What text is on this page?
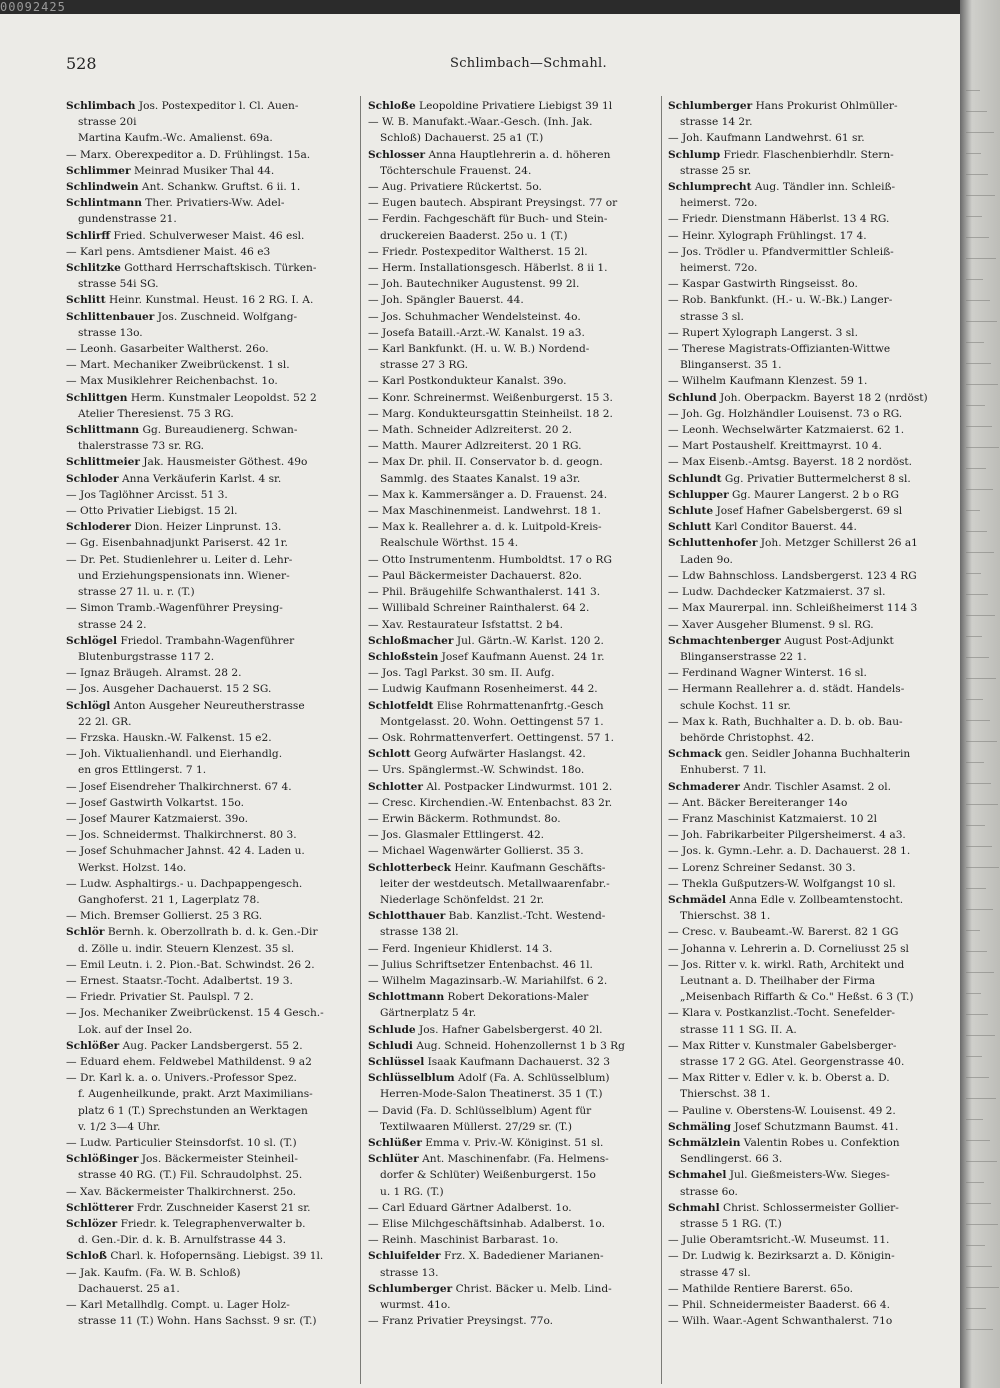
00092425
528	Schlimbach—Schmahl.
Schlimbach Jos. Postexpeditor l. Cl. Auen-
strasse 20i
Martina Kaufm.-Wc. Amalienst. 69a.
— Marx. Oberexpeditor a. D. Frühlingst. 15a.
Schlimmer Meinrad Musiker Thal 44.
Schlindwein Ant. Schankw. Gruftst. 6 ii. 1.
Schlintmann Ther. Privatiers-Ww. Adel-
gundenstrasse 21.
Schlirff Fried. Schulverweser Maist. 46 esl.
— Karl pens. Amtsdiener Maist. 46 e3
Schlitzke Gotthard Herrschaftskisch. Türken-
strasse 54i SG.
Schlitt Heinr. Kunstmal. Heust. 16 2 RG. I. A.
Schlittenbauer Jos. Zuschneid. Wolfgang-
strasse 13o.
— Leonh. Gasarbeiter Waltherst. 26o.
— Mart. Mechaniker Zweibrückenst. 1 sl.
— Max Musiklehrer Reichenbachst. 1o.
Schlittgen Herm. Kunstmaler Leopoldst. 52 2
Atelier Theresienst. 75 3 RG.
Schlittmann Gg. Bureaudienerg. Schwan-
thalerstrasse 73 sr. RG.
Schlittmeier Jak. Hausmeister Göthest. 49o
Schloder Anna Verkäuferin Karlst. 4 sr.
— Jos Taglöhner Arcisst. 51 3.
— Otto Privatier Liebigst. 15 2l.
Schloderer Dion. Heizer Linprunst. 13.
— Gg. Eisenbahnadjunkt Pariserst. 42 1r.
— Dr. Pet. Studienlehrer u. Leiter d. Lehr-
und Erziehungspensionats inn. Wiener-
strasse 27 1l. u. r. (T.)
— Simon Tramb.-Wagenführer Preysing-
strasse 24 2.
Schlögel Friedol. Trambahn-Wagenführer
Blutenburgstrasse 117 2.
— Ignaz Bräugeh. Alramst. 28 2.
— Jos. Ausgeher Dachauerst. 15 2 SG.
Schlögl Anton Ausgeher Neureutherstrasse
22 2l. GR.
— Frzska. Hauskn.-W. Falkenst. 15 e2.
— Joh. Viktualienhandl. und Eierhandlg.
en gros Ettlingerst. 7 1.
— Josef Eisendreher Thalkirchnerst. 67 4.
— Josef Gastwirth Volkartst. 15o.
— Josef Maurer Katzmaierst. 39o.
— Jos. Schneidermst. Thalkirchnerst. 80 3.
— Josef Schuhmacher Jahnst. 42 4. Laden u.
Werkst. Holzst. 14o.
— Ludw. Asphaltirgs.- u. Dachpappengesch.
Ganghoferst. 21 1, Lagerplatz 78.
— Mich. Bremser Gollierst. 25 3 RG.
Schlör Bernh. k. Oberzollrath b. d. k. Gen.-Dir
d. Zölle u. indir. Steuern Klenzest. 35 sl.
— Emil Leutn. i. 2. Pion.-Bat. Schwindst. 26 2.
— Ernest. Staatsr.-Tocht. Adalbertst. 19 3.
— Friedr. Privatier St. Paulspl. 7 2.
— Jos. Mechaniker Zweibrückenst. 15 4 Gesch.-
Lok. auf der Insel 2o.
Schlößer Aug. Packer Landsbergerst. 55 2.
— Eduard ehem. Feldwebel Mathildenst. 9 a2
— Dr. Karl k. a. o. Univers.-Professor Spez.
f. Augenheilkunde, prakt. Arzt Maximilians-
platz 6 1 (T.) Sprechstunden an Werktagen
v. 1/2 3—4 Uhr.
— Ludw. Particulier Steinsdorfst. 10 sl. (T.)
Schlößinger Jos. Bäckermeister Steinheil-
strasse 40 RG. (T.) Fil. Schraudolphst. 25.
— Xav. Bäckermeister Thalkirchnerst. 25o.
Schlötterer Frdr. Zuschneider Kaserst 21 sr.
Schlözer Friedr. k. Telegraphenverwalter b.
d. Gen.-Dir. d. k. B. Arnulfstrasse 44 3.
Schloß Charl. k. Hofopernsäng. Liebigst. 39 1l.
— Jak. Kaufm. (Fa. W. B. Schloß)
Dachauerst. 25 a1.
— Karl Metallhdlg. Compt. u. Lager Holz-
strasse 11 (T.) Wohn. Hans Sachsst. 9 sr. (T.)
Schloße Leopoldine Privatiere Liebigst 39 1l
— W. B. Manufakt.-Waar.-Gesch. (Inh. Jak.
Schloß) Dachauerst. 25 a1 (T.)
Schlosser Anna Hauptlehrerin a. d. höheren
Töchterschule Frauenst. 24.
— Aug. Privatiere Rückertst. 5o.
— Eugen bautech. Abspirant Preysingst. 77 or
— Ferdin. Fachgeschäft für Buch- und Stein-
druckereien Baaderst. 25o u. 1 (T.)
— Friedr. Postexpeditor Waltherst. 15 2l.
— Herm. Installationsgesch. Häberlst. 8 ii 1.
— Joh. Bautechniker Augustenst. 99 2l.
— Joh. Spängler Bauerst. 44.
— Jos. Schuhmacher Wendelsteinst. 4o.
— Josefa Bataill.-Arzt.-W. Kanalst. 19 a3.
— Karl Bankfunkt. (H. u. W. B.) Nordend-
strasse 27 3 RG.
— Karl Postkondukteur Kanalst. 39o.
— Konr. Schreinermst. Weißenburgerst. 15 3.
— Marg. Kondukteursgattin Steinheilst. 18 2.
— Math. Schneider Adlzreiterst. 20 2.
— Matth. Maurer Adlzreiterst. 20 1 RG.
— Max Dr. phil. II. Conservator b. d. geogn.
Sammlg. des Staates Kanalst. 19 a3r.
— Max k. Kammersänger a. D. Frauenst. 24.
— Max Maschinenmeist. Landwehrst. 18 1.
— Max k. Reallehrer a. d. k. Luitpold-Kreis-
Realschule Wörthst. 15 4.
— Otto Instrumentenm. Humboldtst. 17 o RG
— Paul Bäckermeister Dachauerst. 82o.
— Phil. Bräugehilfe Schwanthalerst. 141 3.
— Willibald Schreiner Rainthalerst. 64 2.
— Xav. Restaurateur Isfstattst. 2 b4.
Schloßmacher Jul. Gärtn.-W. Karlst. 120 2.
Schloßstein Josef Kaufmann Auenst. 24 1r.
— Jos. Tagl Parkst. 30 sm. II. Aufg.
— Ludwig Kaufmann Rosenheimerst. 44 2.
Schlotfeldt Elise Rohrmattenanfrtg.-Gesch
Montgelasst. 20. Wohn. Oettingenst 57 1.
— Osk. Rohrmattenverfert. Oettingenst. 57 1.
Schlott Georg Aufwärter Haslangst. 42.
— Urs. Spänglermst.-W. Schwindst. 18o.
Schlotter Al. Postpacker Lindwurmst. 101 2.
— Cresc. Kirchendien.-W. Entenbachst. 83 2r.
— Erwin Bäckerm. Rothmundst. 8o.
— Jos. Glasmaler Ettlingerst. 42.
— Michael Wagenwärter Gollierst. 35 3.
Schlotterbeck Heinr. Kaufmann Geschäfts-
leiter der westdeutsch. Metallwaarenfabr.-
Niederlage Schönfeldst. 21 2r.
Schlotthauer Bab. Kanzlist.-Tcht. Westend-
strasse 138 2l.
— Ferd. Ingenieur Khidlerst. 14 3.
— Julius Schriftsetzer Entenbachst. 46 1l.
— Wilhelm Magazinsarb.-W. Mariahilfst. 6 2.
Schlottmann Robert Dekorations-Maler
Gärtnerplatz 5 4r.
Schlude Jos. Hafner Gabelsbergerst. 40 2l.
Schludi Aug. Schneid. Hohenzollernst 1 b 3 Rg
Schlüssel Isaak Kaufmann Dachauerst. 32 3
Schlüsselblum Adolf (Fa. A. Schlüsselblum)
Herren-Mode-Salon Theatinerst. 35 1 (T.)
— David (Fa. D. Schlüsselblum) Agent für
Textilwaaren Müllerst. 27/29 sr. (T.)
Schlüßer Emma v. Priv.-W. Königinst. 51 sl.
Schlüter Ant. Maschinenfabr. (Fa. Helmens-
dorfer & Schlüter) Weißenburgerst. 15o
u. 1 RG. (T.)
— Carl Eduard Gärtner Adalberst. 1o.
— Elise Milchgeschäftsinhab. Adalberst. 1o.
— Reinh. Maschinist Barbarast. 1o.
Schluifelder Frz. X. Badediener Marianen-
strasse 13.
Schlumberger Christ. Bäcker u. Melb. Lind-
wurmst. 41o.
— Franz Privatier Preysingst. 77o.
Schlumberger Hans Prokurist Ohlmüller-
strasse 14 2r.
— Joh. Kaufmann Landwehrst. 61 sr.
Schlump Friedr. Flaschenbierhdlr. Stern-
strasse 25 sr.
Schlumprecht Aug. Tändler inn. Schleiß-
heimerst. 72o.
— Friedr. Dienstmann Häberlst. 13 4 RG.
— Heinr. Xylograph Frühlingst. 17 4.
— Jos. Trödler u. Pfandvermittler Schleiß-
heimerst. 72o.
— Kaspar Gastwirth Ringseisst. 8o.
— Rob. Bankfunkt. (H.- u. W.-Bk.) Langer-
strasse 3 sl.
— Rupert Xylograph Langerst. 3 sl.
— Therese Magistrats-Offizianten-Wittwe
Blinganserst. 35 1.
— Wilhelm Kaufmann Klenzest. 59 1.
Schlund Joh. Oberpackm. Bayerst 18 2 (nrdöst)
— Joh. Gg. Holzhändler Louisenst. 73 o RG.
— Leonh. Wechselwärter Katzmaierst. 62 1.
— Mart Postaushelf. Kreittmayrst. 10 4.
— Max Eisenb.-Amtsg. Bayerst. 18 2 nordöst.
Schlundt Gg. Privatier Buttermelcherst 8 sl.
Schlupper Gg. Maurer Langerst. 2 b o RG
Schlute Josef Hafner Gabelsbergerst. 69 sl
Schlutt Karl Conditor Bauerst. 44.
Schluttenhofer Joh. Metzger Schillerst 26 a1
Laden 9o.
— Ldw Bahnschloss. Landsbergerst. 123 4 RG
— Ludw. Dachdecker Katzmaierst. 37 sl.
— Max Maurerpal. inn. Schleißheimerst 114 3
— Xaver Ausgeher Blumenst. 9 sl. RG.
Schmachtenberger August Post-Adjunkt
Blinganserstrasse 22 1.
— Ferdinand Wagner Winterst. 16 sl.
— Hermann Reallehrer a. d. städt. Handels-
schule Kochst. 11 sr.
— Max k. Rath, Buchhalter a. D. b. ob. Bau-
behörde Christophst. 42.
Schmack gen. Seidler Johanna Buchhalterin
Enhuberst. 7 1l.
Schmaderer Andr. Tischler Asamst. 2 ol.
— Ant. Bäcker Bereiteranger 14o
— Franz Maschinist Katzmaierst. 10 2l
— Joh. Fabrikarbeiter Pilgersheimerst. 4 a3.
— Jos. k. Gymn.-Lehr. a. D. Dachauerst. 28 1.
— Lorenz Schreiner Sedanst. 30 3.
— Thekla Gußputzers-W. Wolfgangst 10 sl.
Schmädel Anna Edle v. Zollbeamtenstocht.
Thierschst. 38 1.
— Cresc. v. Baubeamt.-W. Barerst. 82 1 GG
— Johanna v. Lehrerin a. D. Corneliusst 25 sl
— Jos. Ritter v. k. wirkl. Rath, Architekt und
Leutnant a. D. Theilhaber der Firma
„Meisenbach Riffarth & Co." Heßst. 6 3 (T.)
— Klara v. Postkanzlist.-Tocht. Senefelder-
strasse 11 1 SG. II. A.
— Max Ritter v. Kunstmaler Gabelsberger-
strasse 17 2 GG. Atel. Georgenstrasse 40.
— Max Ritter v. Edler v. k. b. Oberst a. D.
Thierschst. 38 1.
— Pauline v. Oberstens-W. Louisenst. 49 2.
Schmäling Josef Schutzmann Baumst. 41.
Schmälzlein Valentin Robes u. Confektion
Sendlingerst. 66 3.
Schmahel Jul. Gießmeisters-Ww. Sieges-
strasse 6o.
Schmahl Christ. Schlossermeister Gollier-
strasse 5 1 RG. (T.)
— Julie Oberamtsricht.-W. Museumst. 11.
— Dr. Ludwig k. Bezirksarzt a. D. Königin-
strasse 47 sl.
— Mathilde Rentiere Barerst. 65o.
— Phil. Schneidermeister Baaderst. 66 4.
— Wilh. Waar.-Agent Schwanthalerst. 71o
